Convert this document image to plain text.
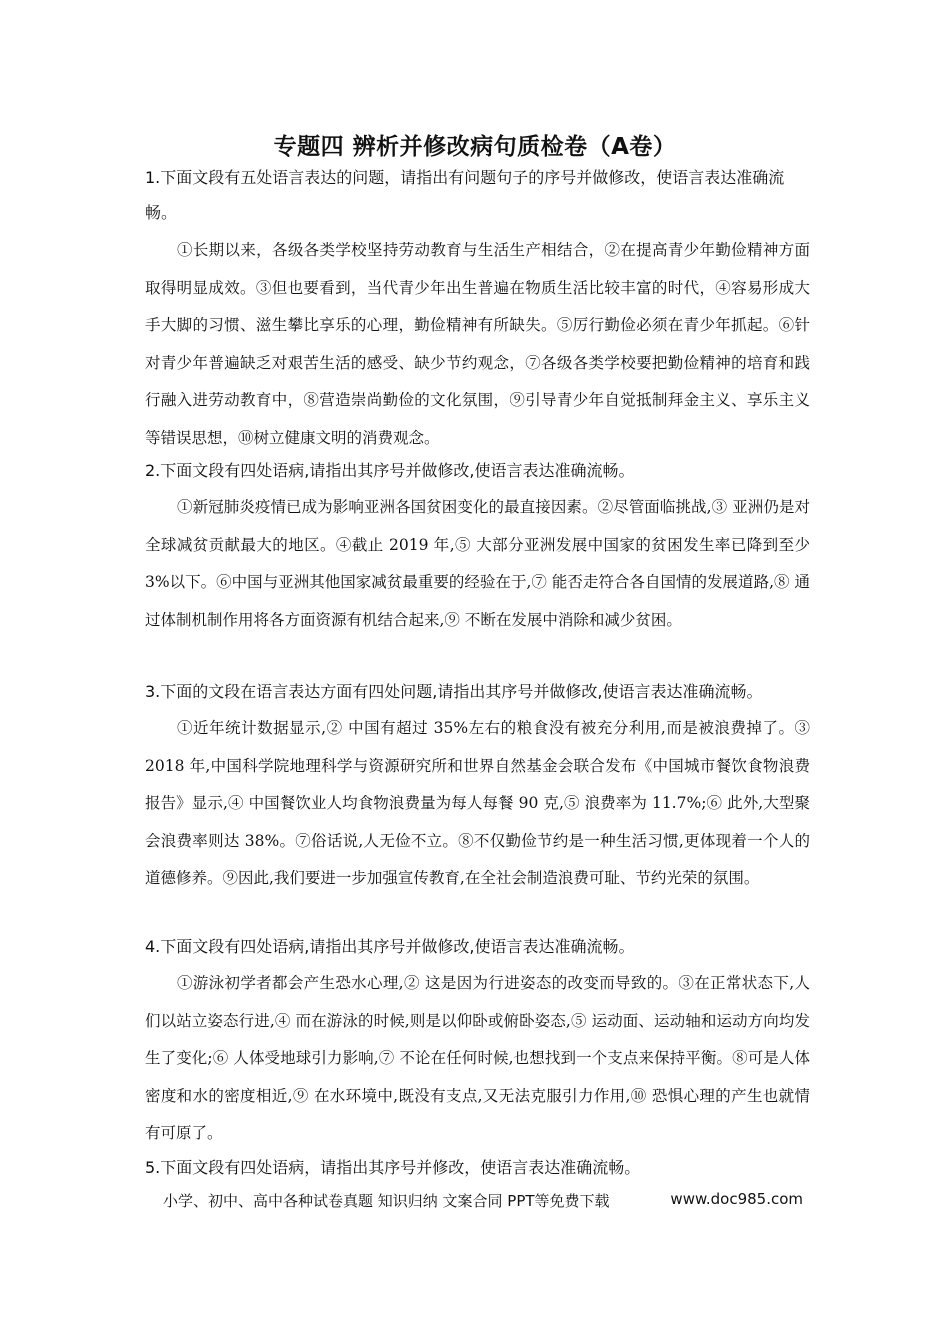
专题四 辨析并修改病句质检卷（A卷）

1.下面文段有五处语言表达的问题，请指出有问题句子的序号并做修改，使语言表达准确流畅。

①长期以来，各级各类学校坚持劳动教育与生活生产相结合，②在提高青少年勤俭精神方面取得明显成效。③但也要看到，当代青少年出生普遍在物质生活比较丰富的时代，④容易形成大手大脚的习惯、滋生攀比享乐的心理，勤俭精神有所缺失。⑤厉行勤俭必须在青少年抓起。⑥针对青少年普遍缺乏对艰苦生活的感受、缺少节约观念，⑦各级各类学校要把勤俭精神的培育和践行融入进劳动教育中，⑧营造崇尚勤俭的文化氛围，⑨引导青少年自觉抵制拜金主义、享乐主义等错误思想，⑩树立健康文明的消费观念。

2.下面文段有四处语病,请指出其序号并做修改,使语言表达准确流畅。

①新冠肺炎疫情已成为影响亚洲各国贫困变化的最直接因素。②尽管面临挑战,③ 亚洲仍是对全球减贫贡献最大的地区。④截止 2019 年,⑤ 大部分亚洲发展中国家的贫困发生率已降到至少 3%以下。⑥中国与亚洲其他国家减贫最重要的经验在于,⑦ 能否走符合各自国情的发展道路,⑧ 通过体制机制作用将各方面资源有机结合起来,⑨ 不断在发展中消除和减少贫困。

3.下面的文段在语言表达方面有四处问题,请指出其序号并做修改,使语言表达准确流畅。

①近年统计数据显示,② 中国有超过 35%左右的粮食没有被充分利用,而是被浪费掉了。③ 2018 年,中国科学院地理科学与资源研究所和世界自然基金会联合发布《中国城市餐饮食物浪费报告》显示,④ 中国餐饮业人均食物浪费量为每人每餐 90 克,⑤ 浪费率为 11.7%;⑥ 此外,大型聚会浪费率则达 38%。⑦俗话说,人无俭不立。⑧不仅勤俭节约是一种生活习惯,更体现着一个人的道德修养。⑨因此,我们要进一步加强宣传教育,在全社会制造浪费可耻、节约光荣的氛围。

4.下面文段有四处语病,请指出其序号并做修改,使语言表达准确流畅。

①游泳初学者都会产生恐水心理,② 这是因为行进姿态的改变而导致的。③在正常状态下,人们以站立姿态行进,④ 而在游泳的时候,则是以仰卧或俯卧姿态,⑤ 运动面、运动轴和运动方向均发生了变化;⑥ 人体受地球引力影响,⑦ 不论在任何时候,也想找到一个支点来保持平衡。⑧可是人体密度和水的密度相近,⑨ 在水环境中,既没有支点,又无法克服引力作用,⑩ 恐惧心理的产生也就情有可原了。

5.下面文段有四处语病，请指出其序号并修改，使语言表达准确流畅。

小学、初中、高中各种试卷真题 知识归纳 文案合同 PPT等免费下载	www.doc985.com
